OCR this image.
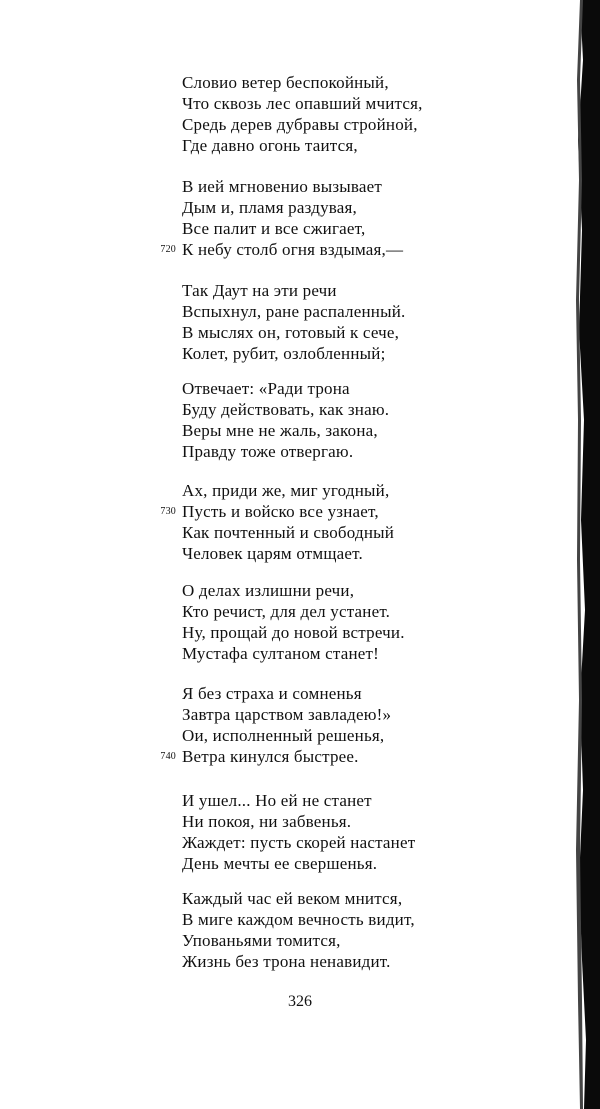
Словио ветер беспокойный,
Что сквозь лес опавший мчится,
Средь дерев дубравы стройной,
Где давно огонь таится,
В ией мгновенио вызывает
Дым и, пламя раздувая,
Все палит и все сжигает,
К небу столб огня вздымая,—
720
Так Даут на эти речи
Вспыхнул, ране распаленный.
В мыслях он, готовый к сече,
Колет, рубит, озлобленный;
Отвечает: «Ради трона
Буду действовать, как знаю.
Веры мне не жаль, закона,
Правду тоже отвергаю.
Ах, приди же, миг угодный,
Пусть и войско все узнает,
730
Как почтенный и свободный
Человек царям отмщает.
О делах излишни речи,
Кто речист, для дел устанет.
Ну, прощай до новой встречи.
Мустафа султаном станет!
Я без страха и сомненья
Завтра царством завладею!»
Ои, исполненный решенья,
Ветра кинулся быстрее.
740
И ушел... Но ей не станет
Ни покоя, ни забвенья.
Жаждет: пусть скорей настанет
День мечты ее свершенья.
Каждый час ей веком мнится,
В миге каждом вечность видит,
Упованьями томится,
Жизнь без трона ненавидит.
326
